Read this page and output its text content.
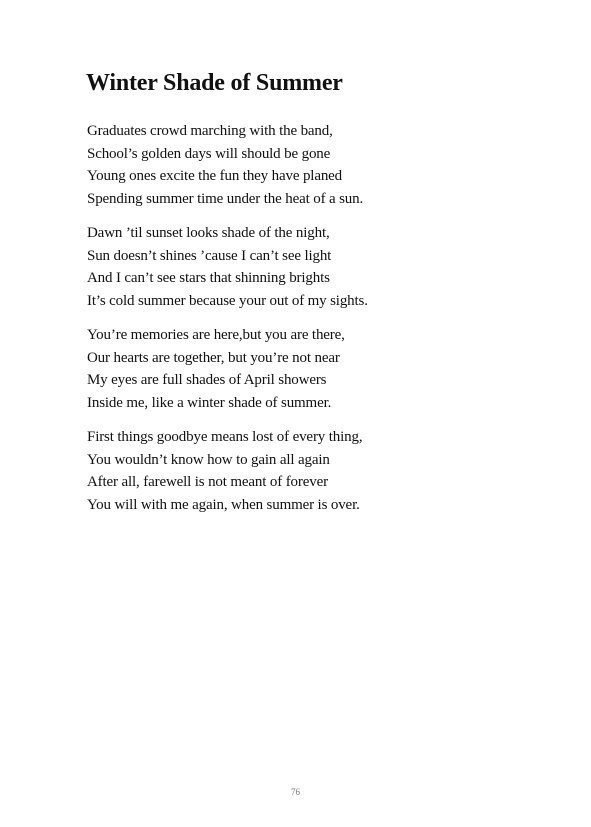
Winter Shade of Summer
Graduates crowd marching with the band,
School’s golden days will should be gone
Young ones excite the fun they have planed
Spending summer time under the heat of a sun.
Dawn ’til sunset looks shade of the night,
Sun doesn’t shines ’cause I can’t see light
And I can’t see stars that shinning brights
It’s cold summer because your out of my sights.
You’re memories are here,but you are there,
Our hearts are together, but you’re not near
My eyes are full shades of April showers
Inside me, like a winter shade of summer.
First things goodbye means lost of every thing,
You wouldn’t know how to gain all again
After all, farewell is not meant of forever
You will with me again, when summer is over.
76
